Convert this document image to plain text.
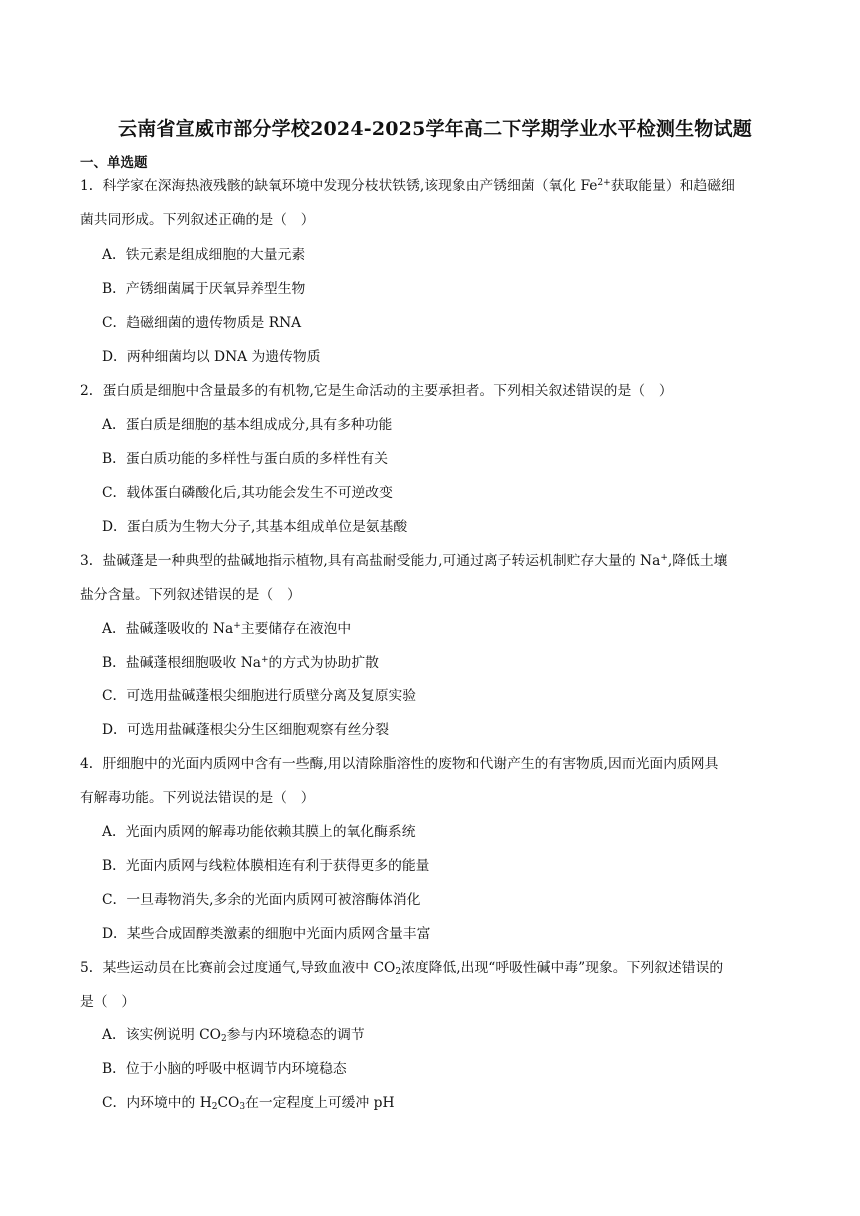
云南省宣威市部分学校2024-2025学年高二下学期学业水平检测生物试题
一、单选题
1．科学家在深海热液残骸的缺氧环境中发现分枝状铁锈,该现象由产锈细菌（氧化 $Fe^{2+}$获取能量）和趋磁细
菌共同形成。下列叙述正确的是（　）
A．铁元素是组成细胞的大量元素
B．产锈细菌属于厌氧异养型生物
C．趋磁细菌的遗传物质是 RNA
D．两种细菌均以 DNA 为遗传物质
2．蛋白质是细胞中含量最多的有机物,它是生命活动的主要承担者。下列相关叙述错误的是（　）
A．蛋白质是细胞的基本组成成分,具有多种功能
B．蛋白质功能的多样性与蛋白质的多样性有关
C．载体蛋白磷酸化后,其功能会发生不可逆改变
D．蛋白质为生物大分子,其基本组成单位是氨基酸
3．盐碱蓬是一种典型的盐碱地指示植物,具有高盐耐受能力,可通过离子转运机制贮存大量的 Na+,降低土壤
盐分含量。下列叙述错误的是（　）
A．盐碱蓬吸收的 Na+主要储存在液泡中
B．盐碱蓬根细胞吸收 Na+的方式为协助扩散
C．可选用盐碱蓬根尖细胞进行质壁分离及复原实验
D．可选用盐碱蓬根尖分生区细胞观察有丝分裂
4．肝细胞中的光面内质网中含有一些酶,用以清除脂溶性的废物和代谢产生的有害物质,因而光面内质网具
有解毒功能。下列说法错误的是（　）
A．光面内质网的解毒功能依赖其膜上的氧化酶系统
B．光面内质网与线粒体膜相连有利于获得更多的能量
C．一旦毒物消失,多余的光面内质网可被溶酶体消化
D．某些合成固醇类激素的细胞中光面内质网含量丰富
5．某些运动员在比赛前会过度通气,导致血液中 $CO_2$浓度降低,出现“呼吸性碱中毒”现象。下列叙述错误的
是（　）
A．该实例说明 $CO_2$参与内环境稳态的调节
B．位于小脑的呼吸中枢调节内环境稳态
C．内环境中的 $H_2CO_3$在一定程度上可缓冲 pH
